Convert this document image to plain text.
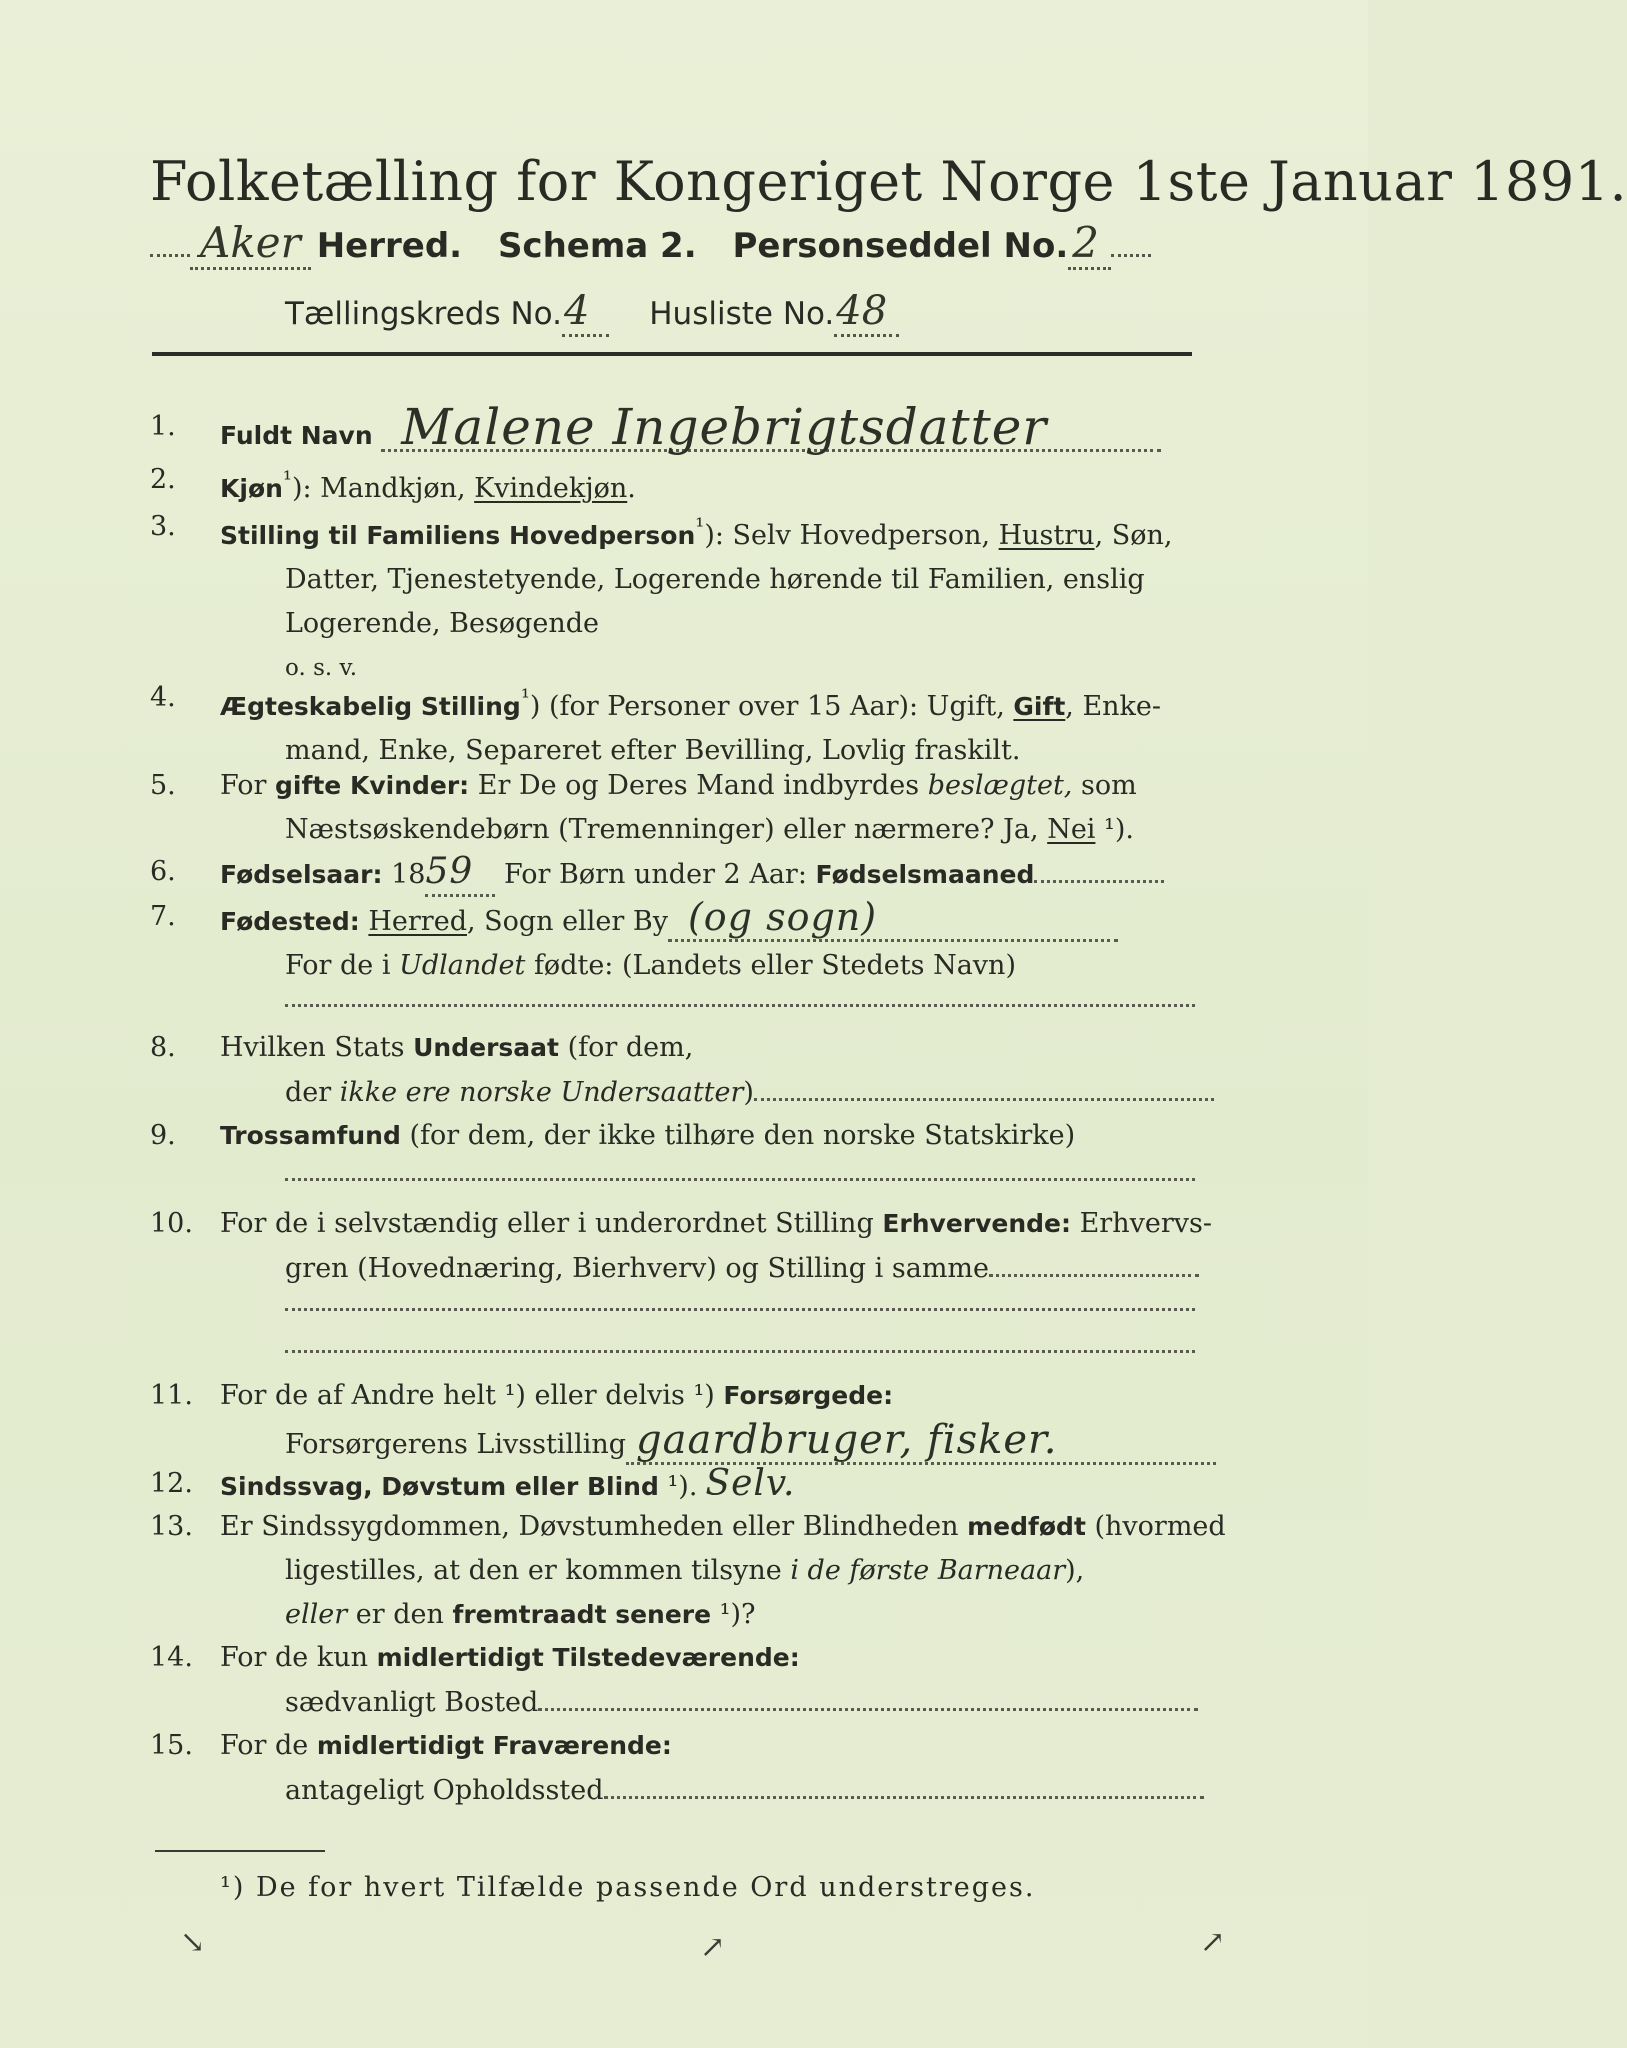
Folketælling for Kongeriget Norge 1ste Januar 1891.
Aker Herred. Schema 2. Personseddel No.2
Tællingskreds No.4 Husliste No.48
1.	Fuldt Navn Malene Ingebrigtsdatter
2.	Kjøn$^{^1}$): Mandkjøn, Kvindekjøn.
3.	Stilling til Familiens Hovedperson$^{^1}$): Selv Hovedperson, Hustru, Søn,
Datter, Tjenestetyende, Logerende hørende til Familien, enslig
Logerende, Besøgende
o. s. v.
4.	Ægteskabelig Stilling$^{^1}$) (for Personer over 15 Aar): Ugift, Gift, Enke-
mand, Enke, Separeret efter Bevilling, Lovlig fraskilt.
5.	For gifte Kvinder: Er De og Deres Mand indbyrdes beslægtet, som
Næstsøskendebørn (Tremenninger) eller nærmere? Ja, Nei ¹).
6.	Fødselsaar: 1859 For Børn under 2 Aar: Fødselsmaaned
7.	Fødested: Herred, Sogn eller By (og sogn)
For de i Udlandet fødte: (Landets eller Stedets Navn)
8.	Hvilken Stats Undersaat (for dem,
der ikke ere norske Undersaatter)
9.	Trossamfund (for dem, der ikke tilhøre den norske Statskirke)
10. For de i selvstændig eller i underordnet Stilling Erhvervende: Erhvervs-
gren (Hovednæring, Bierhverv) og Stilling i samme
11. For de af Andre helt ¹) eller delvis ¹) Forsørgede:
Forsørgerens Livsstilling gaardbruger, fisker.
12. Sindssvag, Døvstum eller Blind ¹). Selv.
13. Er Sindssygdommen, Døvstumheden eller Blindheden medfødt (hvormed
ligestilles, at den er kommen tilsyne i de første Barneaar),
eller er den fremtraadt senere ¹)?
14. For de kun midlertidigt Tilstedeværende:
sædvanligt Bosted
15. For de midlertidigt Fraværende:
antageligt Opholdssted
¹) De for hvert Tilfælde passende Ord understreges.
↘	↗	↗
